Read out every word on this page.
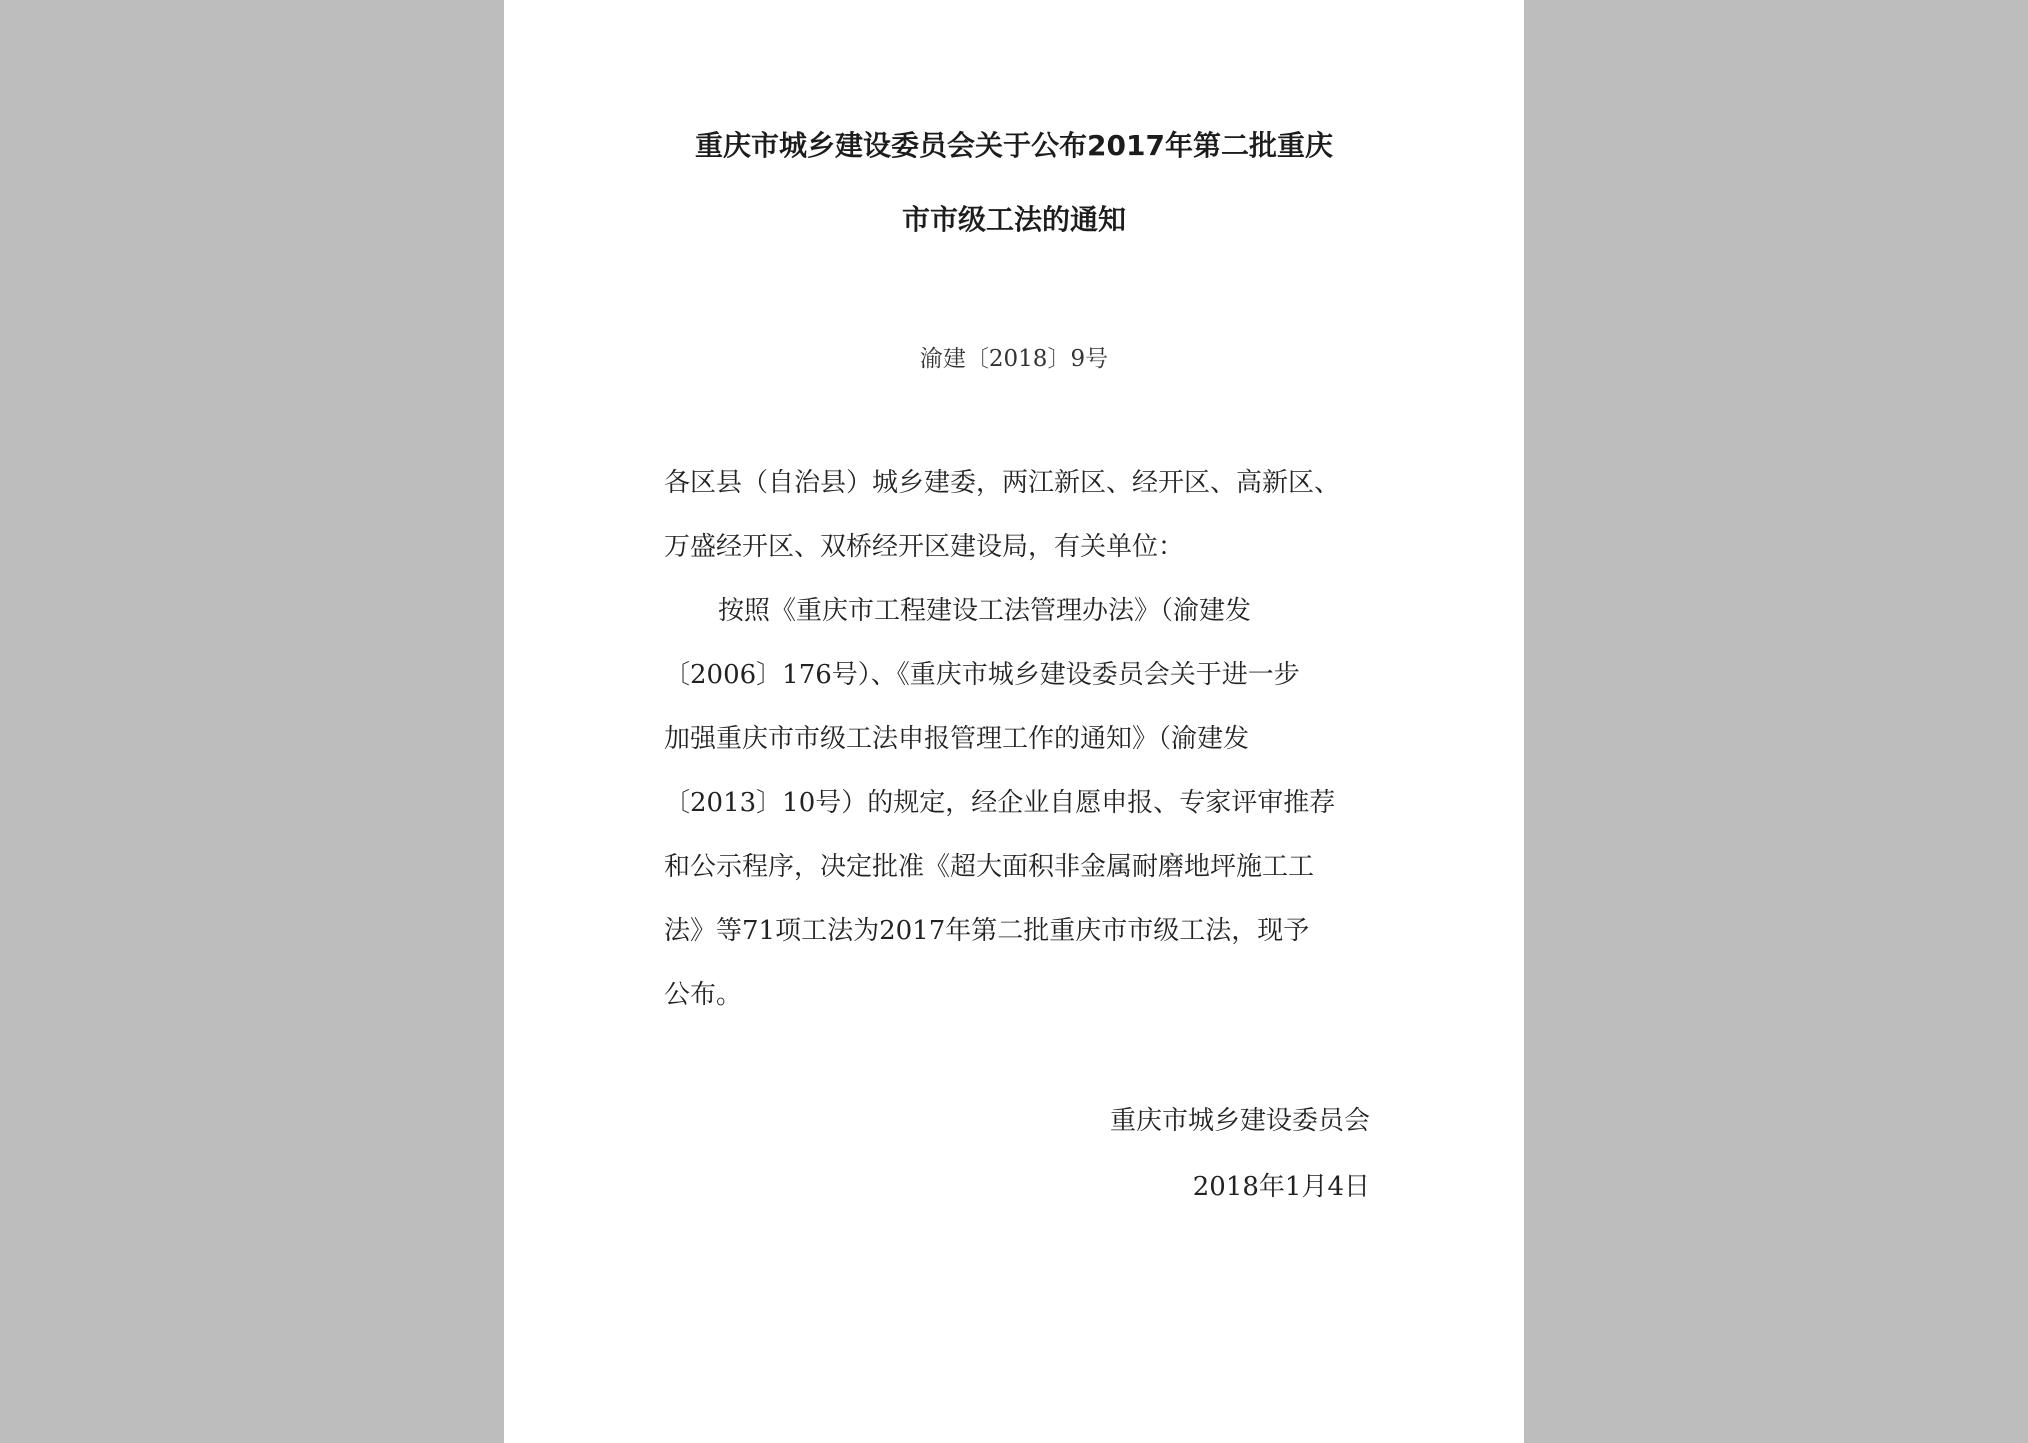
重庆市城乡建设委员会关于公布2017年第二批重庆
市市级工法的通知
渝建〔2018〕9号
各区县（自治县）城乡建委，两江新区、经开区、高新区、
万盛经开区、双桥经开区建设局，有关单位：
按照《重庆市工程建设工法管理办法》（渝建发
〔2006〕176号）、《重庆市城乡建设委员会关于进一步
加强重庆市市级工法申报管理工作的通知》（渝建发
〔2013〕10号）的规定，经企业自愿申报、专家评审推荐
和公示程序，决定批准《超大面积非金属耐磨地坪施工工
法》等71项工法为2017年第二批重庆市市级工法，现予
公布。
重庆市城乡建设委员会
2018年1月4日
